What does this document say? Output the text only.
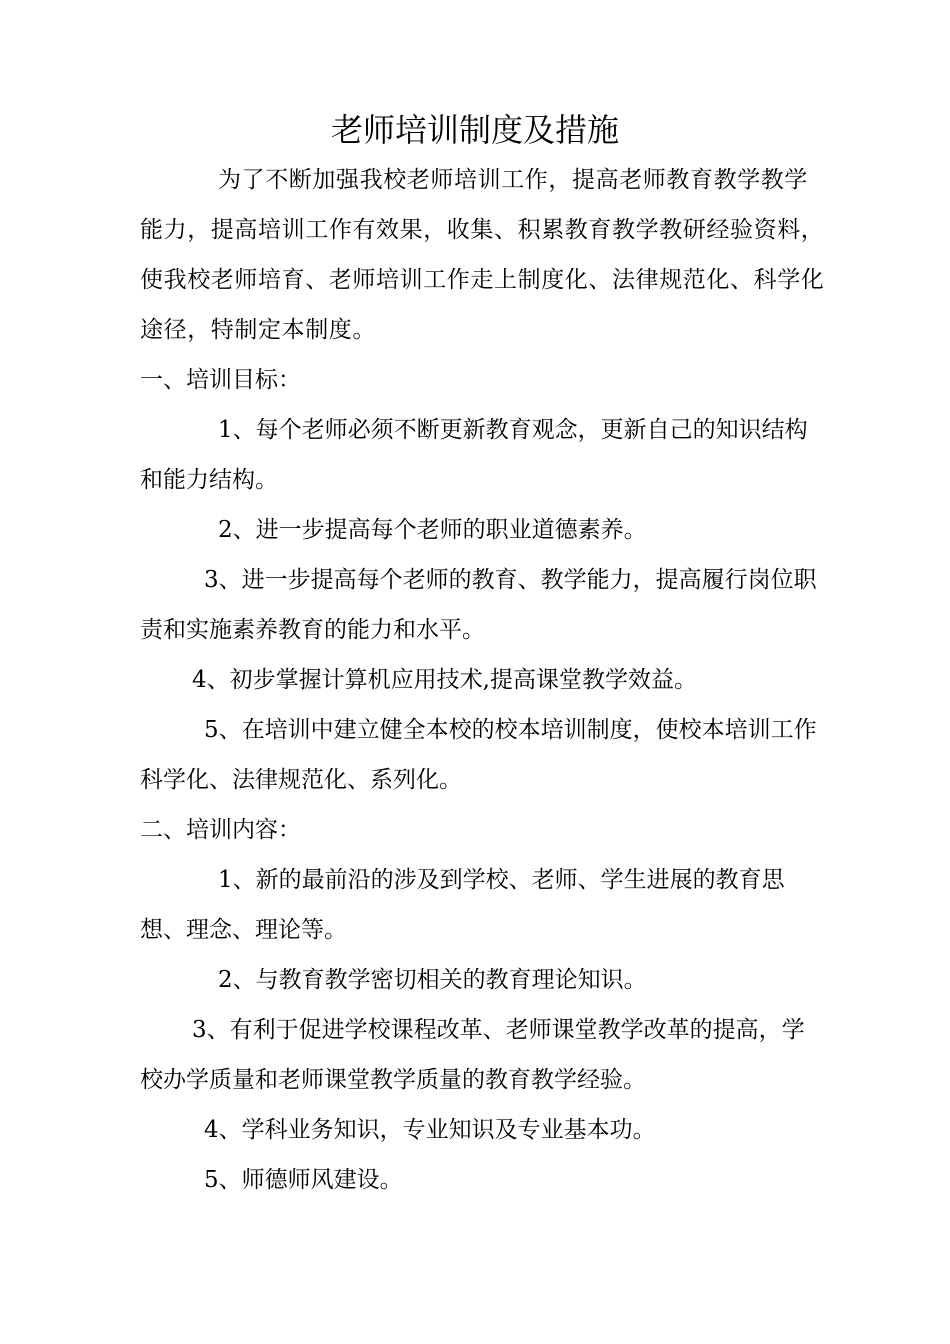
老师培训制度及措施

为了不断加强我校老师培训工作，提高老师教育教学教学能力，提高培训工作有效果，收集、积累教育教学教研经验资料，使我校老师培育、老师培训工作走上制度化、法律规范化、科学化途径，特制定本制度。

一、培训目标：

1、每个老师必须不断更新教育观念，更新自己的知识结构和能力结构。

2、进一步提高每个老师的职业道德素养。

3、进一步提高每个老师的教育、教学能力，提高履行岗位职责和实施素养教育的能力和水平。

4、初步掌握计算机应用技术,提高课堂教学效益。

5、在培训中建立健全本校的校本培训制度，使校本培训工作科学化、法律规范化、系列化。

二、培训内容：

1、新的最前沿的涉及到学校、老师、学生进展的教育思想、理念、理论等。

2、与教育教学密切相关的教育理论知识。

3、有利于促进学校课程改革、老师课堂教学改革的提高，学校办学质量和老师课堂教学质量的教育教学经验。

4、学科业务知识，专业知识及专业基本功。

5、师德师风建设。
